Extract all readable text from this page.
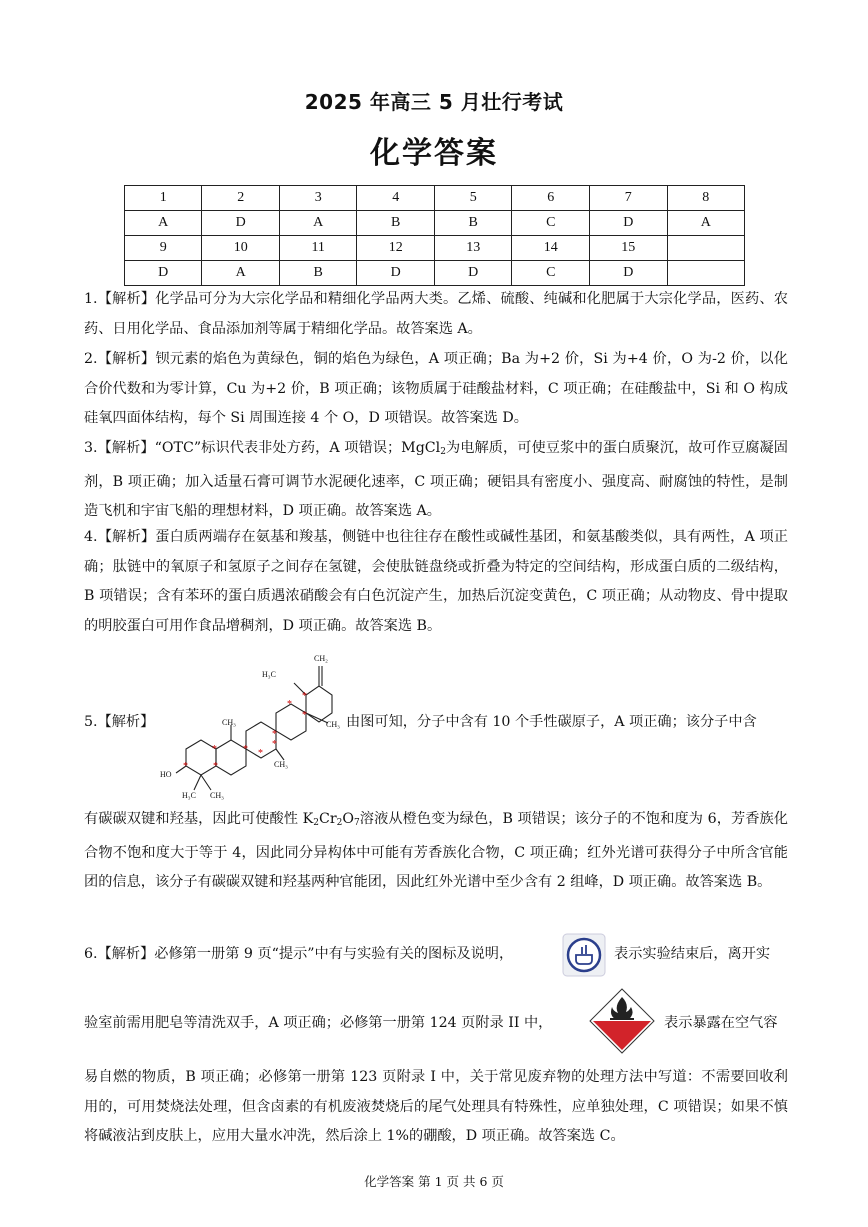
2025 年高三 5 月壮行考试
化学答案
1	2	3	4	5	6	7	8
A	D	A	B	B	C	D	A
9	10	11	12	13	14	15	
D	A	B	D	D	C	D	

1.【解析】化学品可分为大宗化学品和精细化学品两大类。乙烯、硫酸、纯碱和化肥属于大宗化学品，医药、农药、日用化学品、食品添加剂等属于精细化学品。故答案选 A。

2.【解析】钡元素的焰色为黄绿色，铜的焰色为绿色，A 项正确；Ba 为+2 价，Si 为+4 价，O 为-2 价，以化合价代数和为零计算，Cu 为+2 价，B 项正确；该物质属于硅酸盐材料，C 项正确；在硅酸盐中，Si 和 O 构成硅氧四面体结构，每个 Si 周围连接 4 个 O，D 项错误。故答案选 D。

3.【解析】“OTC”标识代表非处方药，A 项错误；MgCl$_2$为电解质，可使豆浆中的蛋白质聚沉，故可作豆腐凝固剂，B 项正确；加入适量石膏可调节水泥硬化速率，C 项正确；硬铝具有密度小、强度高、耐腐蚀的特性，是制造飞机和宇宙飞船的理想材料，D 项正确。故答案选 A。

4.【解析】蛋白质两端存在氨基和羧基，侧链中也往往存在酸性或碱性基团，和氨基酸类似，具有两性，A 项正确；肽链中的氧原子和氢原子之间存在氢键，会使肽链盘绕或折叠为特定的空间结构，形成蛋白质的二级结构，B 项错误；含有苯环的蛋白质遇浓硝酸会有白色沉淀产生，加热后沉淀变黄色，C 项正确；从动物皮、骨中提取的明胶蛋白可用作食品增稠剂，D 项正确。故答案选 B。

5.【解析】
CH₂
H₃C
CH₃
CH₃
CH₃
HO
H₃C CH₃
*
*
*
* *
*
*
*
*
*
由图可知，分子中含有 10 个手性碳原子，A 项正确；该分子中含

有碳碳双键和羟基，因此可使酸性 $K_2Cr_2O_7$溶液从橙色变为绿色，B 项错误；该分子的不饱和度为 6，芳香族化合物不饱和度大于等于 4，因此同分异构体中可能有芳香族化合物，C 项正确；红外光谱可获得分子中所含官能团的信息，该分子有碳碳双键和羟基两种官能团，因此红外光谱中至少含有 2 组峰，D 项正确。故答案选 B。

6.【解析】必修第一册第 9 页“提示”中有与实验有关的图标及说明，	表示实验结束后，离开实
验室前需用肥皂等清洗双手，A 项正确；必修第一册第 124 页附录 II 中，	表示暴露在空气容

易自燃的物质，B 项正确；必修第一册第 123 页附录 I 中，关于常见废弃物的处理方法中写道：不需要回收利用的，可用焚烧法处理，但含卤素的有机废液焚烧后的尾气处理具有特殊性，应单独处理，C 项错误；如果不慎将碱液沾到皮肤上，应用大量水冲洗，然后涂上 1%的硼酸，D 项正确。故答案选 C。

化学答案 第 1 页 共 6 页
